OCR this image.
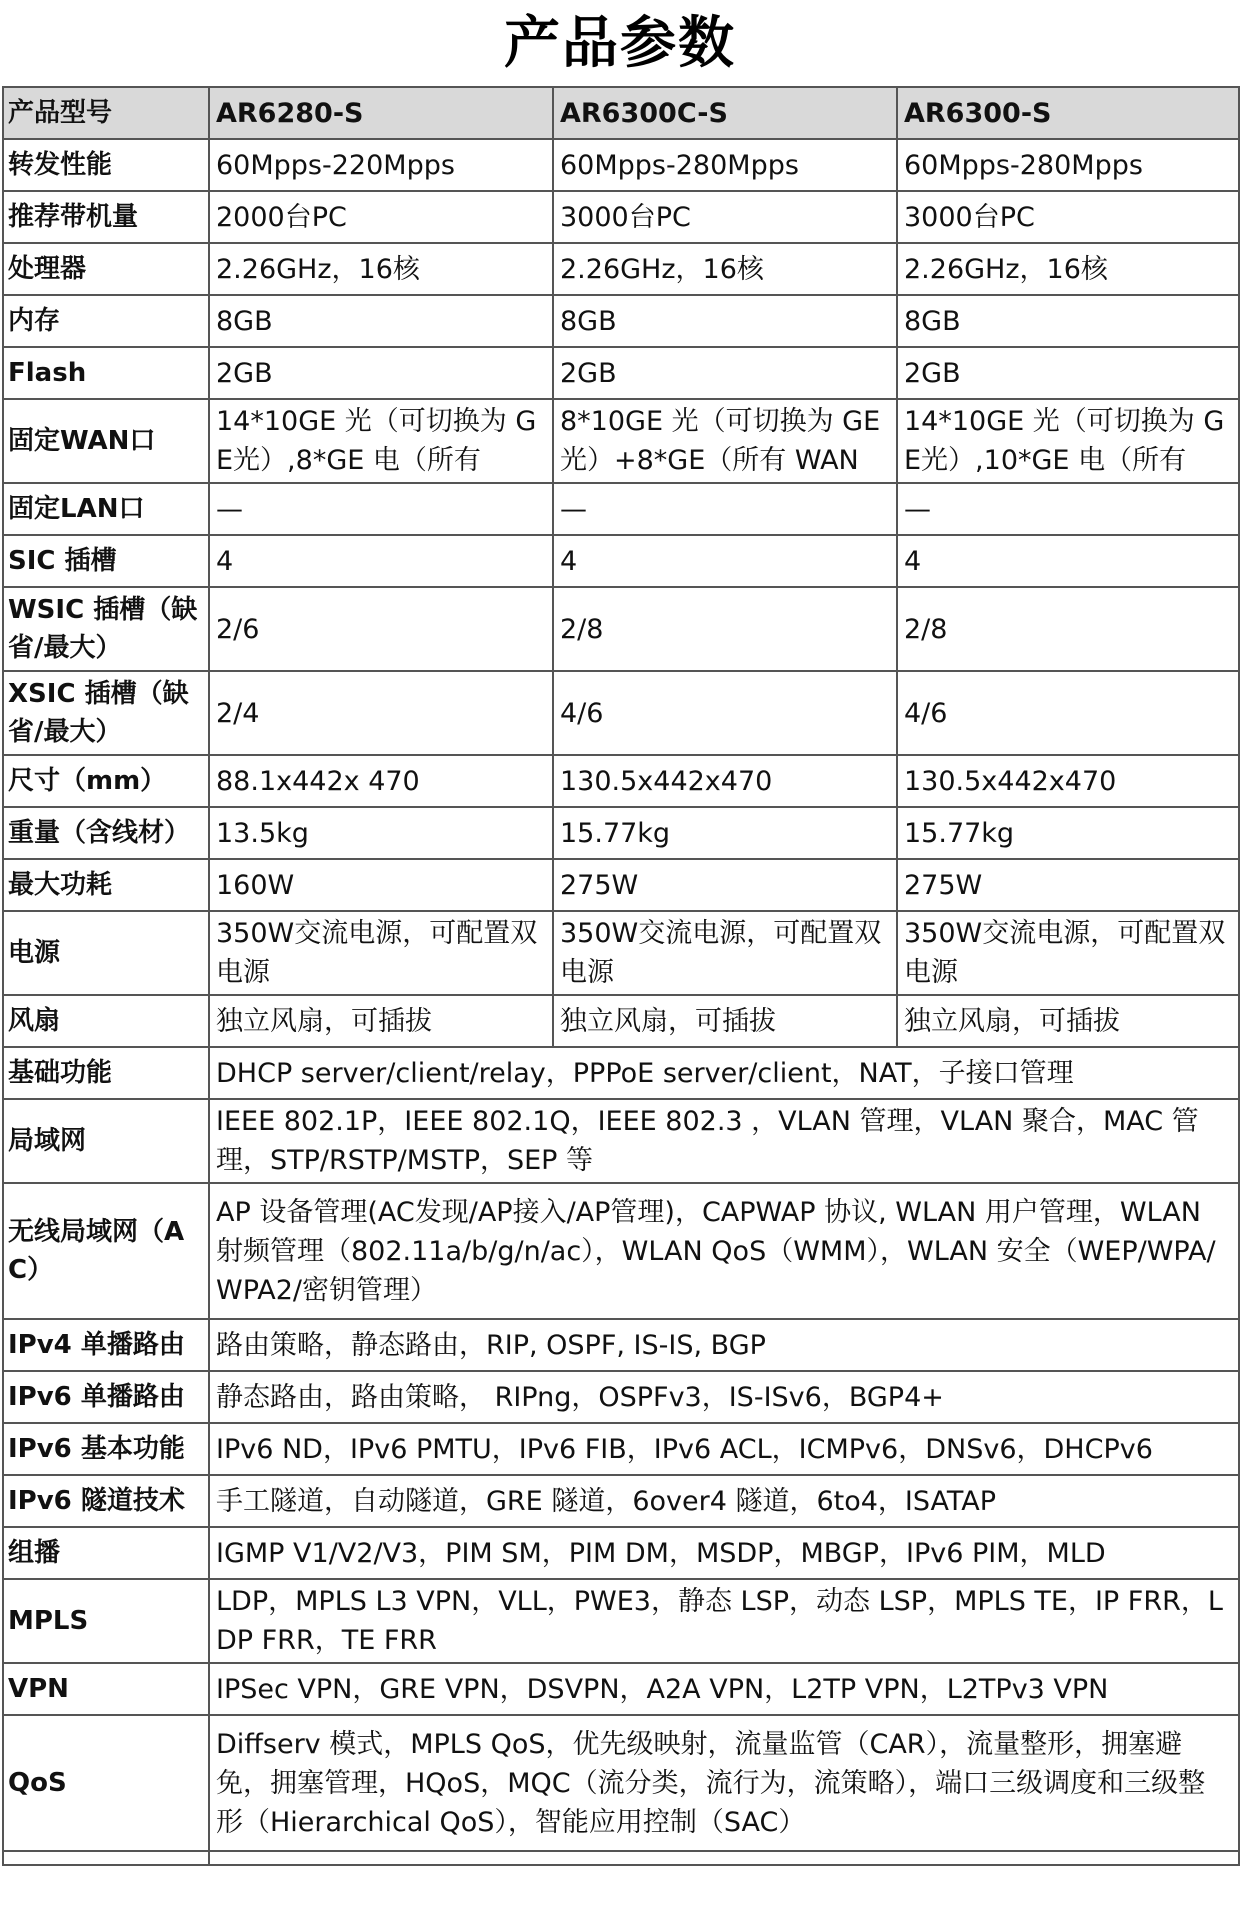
产品参数
产品型号	AR6280-S	AR6300C-S	AR6300-S
转发性能	60Mpps-220Mpps	60Mpps-280Mpps	60Mpps-280Mpps
推荐带机量	2000台PC	3000台PC	3000台PC
处理器	2.26GHz，16核	2.26GHz，16核	2.26GHz，16核
内存	8GB	8GB	8GB
Flash	2GB	2GB	2GB
固定WAN口	14*10GE 光（可切换为 GE光）,8*GE 电（所有	8*10GE 光（可切换为 GE 光）+8*GE（所有 WAN	14*10GE 光（可切换为 GE光）,10*GE 电（所有

固定LAN口	—	—	—
SIC 插槽	4	4	4
WSIC 插槽（缺省/最大）	2/6	2/8	2/8
XSIC 插槽（缺省/最大）	2/4	4/6	4/6
尺寸（mm）	88.1x442x 470	130.5x442x470	130.5x442x470
重量（含线材）	13.5kg	15.77kg	15.77kg
最大功耗	160W	275W	275W
电源	350W交流电源，可配置双电源	350W交流电源，可配置双电源	350W交流电源，可配置双电源
风扇	独立风扇，可插拔	独立风扇，可插拔	独立风扇，可插拔
基础功能	DHCP server/client/relay，PPPoE server/client，NAT，子接口管理		
局域网	IEEE 802.1P，IEEE 802.1Q，IEEE 802.3 ，VLAN 管理，VLAN 聚合，MAC 管理，STP/RSTP/MSTP，SEP 等		
无线局域网（AC）	AP 设备管理(AC发现/AP接入/AP管理)，CAPWAP 协议, WLAN 用户管理，WLAN 射频管理（802.11a/b/g/n/ac），WLAN QoS（WMM），WLAN 安全（WEP/WPA/WPA2/密钥管理）		
IPv4 单播路由	路由策略，静态路由，RIP, OSPF, IS-IS, BGP		
IPv6 单播路由	静态路由，路由策略， RIPng，OSPFv3，IS-ISv6，BGP4+		
IPv6 基本功能	IPv6 ND，IPv6 PMTU，IPv6 FIB，IPv6 ACL，ICMPv6，DNSv6，DHCPv6		
IPv6 隧道技术	手工隧道，自动隧道，GRE 隧道，6over4 隧道，6to4，ISATAP		
组播	IGMP V1/V2/V3，PIM SM，PIM DM，MSDP，MBGP，IPv6 PIM，MLD		
MPLS	LDP，MPLS L3 VPN，VLL，PWE3，静态 LSP，动态 LSP，MPLS TE，IP FRR，LDP FRR，TE FRR		
VPN	IPSec VPN，GRE VPN，DSVPN，A2A VPN，L2TP VPN，L2TPv3 VPN		
QoS	Diffserv 模式，MPLS QoS，优先级映射，流量监管（CAR），流量整形，拥塞避免，拥塞管理，HQoS，MQC（流分类，流行为，流策略），端口三级调度和三级整形（Hierarchical QoS），智能应用控制（SAC）		
